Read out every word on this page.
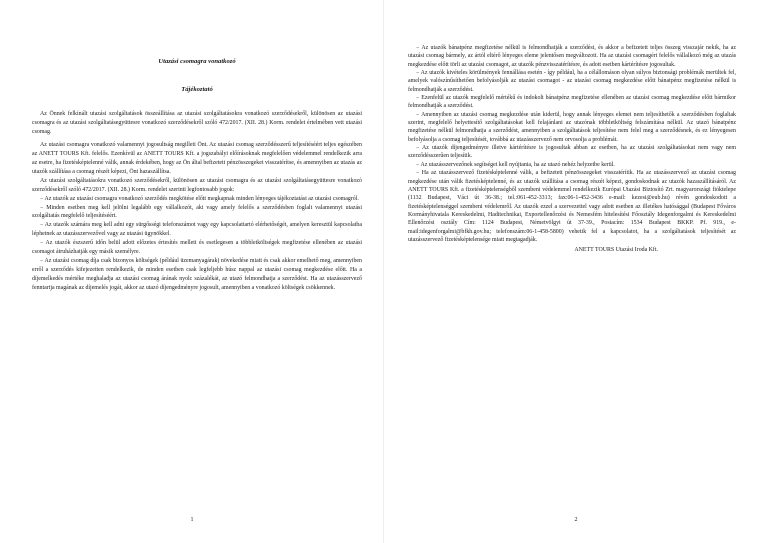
Utazási csomagra vonatkozó
Tájékoztató

Az Önnek felkínált utazási szolgáltatások összeállítása az utazási szolgáltatásokra vonatkozó szerződésekről, különösen az utazási csomagra és az utazási szolgáltatásegyüttesre vonatkozó szerződésekről szóló 472/2017. (XII. 28.) Korm. rendelet értelmében vett utazási csomag.

Az utazási csomagra vonatkozó valamennyi jogosultság megilleti Önt. Az utazási csomag szerződésszerű teljesítéséért teljes egészében az ANETT TOURS Kft. felelős. Ezenkívül az ANETT TOURS Kft. a jogszabályi előírásoknak megfelelően védelemmel rendelkezik arra az esetre, ha fizetésképtelenné válik, annak érdekében, hogy az Ön által befizetett pénzösszegeket visszatérítse, és amennyiben az utazás az utazók szállítása a csomag részét képezi, Önt hazaszállítsa.

Az utazási szolgáltatásokra vonatkozó szerződésekről, különösen az utazási csomagra és az utazási szolgáltatásegyüttesre vonatkozó szerződésekről szóló 472/2017. (XII. 28.) Korm. rendelet szerinti legfontosabb jogok:

− Az utazók az utazási csomagra vonatkozó szerződés megkötése előtt megkapnak minden lényeges tájékoztatást az utazási csomagról.

− Minden esetben meg kell jelölni legalább egy vállalkozót, aki vagy amely felelős a szerződésben foglalt valamennyi utazási szolgáltatás megfelelő teljesítéséért.

− Az utazók számára meg kell adni egy sürgősségi telefonszámot vagy egy kapcsolattartó elérhetőségét, amelyen keresztül kapcsolatba léphetnek az utazásszervezővel vagy az utazási ügynökkel.

− Az utazók észszerű időn belül adott előzetes értesítés mellett és esetlegesen a többletköltségek megfizetése ellenében az utazási csomagot átruházhatják egy másik személyre.

− Az utazási csomag díja csak bizonyos költségek (például üzemanyagárak) növekedése miatt és csak akkor emelhető meg, amennyiben erről a szerződés kifejezetten rendelkezik, de minden esetben csak legfeljebb húsz nappal az utazási csomag megkezdése előtt. Ha a díjemelkedés mértéke meghaladja az utazási csomag árának nyolc százalékát, az utazó felmondhatja a szerződést. Ha az utazásszervező fenntartja magának az díjemelés jogát, akkor az utazó díjengedményre jogosult, amennyiben a vonatkozó költségek csökkennek.

1

− Az utazók bánatpénz megfizetése nélkül is felmondhatják a szerződést, és akkor a befizetett teljes összeg visszajár nekik, ha az utazási csomag bármely, az ártól eltérő lényeges eleme jelentősen megváltozott. Ha az utazási csomagért felelős vállalkozó még az utazás megkezdése előtt törli az utazási csomagot, az utazók pénzvisszatérítésre, és adott esetben kártérítésre jogosultak.

− Az utazók kivételes körülmények fennállása esetén - így például, ha a célállomáson olyan súlyos biztonsági problémák merültek fel, amelyek valószínűsíthetően befolyásolják az utazási csomagot - az utazási csomag megkezdése előtt bánatpénz megfizetése nélkül is felmondhatják a szerződést.

− Ezenfelül az utazók megfelelő mértékű és indokolt bánatpénz megfizetése ellenében az utazási csomag megkezdése előtt bármikor felmondhatják a szerződést.

− Amennyiben az utazási csomag megkezdése után kiderül, hogy annak lényeges elemei nem teljesíthetők a szerződésben foglaltak szerint, megfelelő helyettesítő szolgáltatásokat kell felajánlani az utazónak többletköltség felszámítása nélkül. Az utazó bánatpénz megfizetése nélkül felmondhatja a szerződést, amennyiben a szolgáltatások teljesítése nem felel meg a szerződésnek, és ez lényegesen befolyásolja a csomag teljesítését, továbbá az utazásszervező nem orvosolja a problémát.

− Az utazók díjengedményre illetve kártérítésre is jogosultak abban az esetben, ha az utazási szolgáltatásokat nem vagy nem szerződésszerűen teljesítik.

− Az utazásszervezőnek segítséget kell nyújtania, ha az utazó nehéz helyzetbe kerül.

− Ha az utazásszervező fizetésképtelenné válik, a befizetett pénzösszegeket visszatérítik. Ha az utazásszervező az utazási csomag megkezdése után válik fizetésképtelenné, és az utazók szállítása a csomag részét képezi, gondoskodnak az utazók hazaszállításáról. Az ANETT TOURS Kft. a fizetésképtelenségből szembeni védelemmel rendelkezik Európai Utazási Biztosító Zrt. magyarországi fióktelepe (1132 Budapest, Váci út 36-38.; tel.:061-452-3313; fax:06-1-452-3436 e-mail: kezesi@eub.hu) révén gondoskodott a fizetésképtelenséggel szembeni védelemről. Az utazók ezzel a szervezettel vagy adott esetben az illetékes hatósággal (Budapest Főváros Kormányhivatala Kereskedelmi, Haditechnikai, Exportellenőrzési és Nemesfém hitelesítési Főosztály Idegenforgalmi és Kereskedelmi Ellenőrzési osztály Cím: 1124 Budapest, Németvölgyi út 37-39., Postacím: 1534 Budapest BKKP. Pf. 919., e-mail:idegenforgalmi@bfkh.gov.hu; telefonszám:06-1-458-5800) vehetik fel a kapcsolatot, ha a szolgáltatások teljesítését az utazásszervező fizetésképtelensége miatt megtagadják.

ANETT TOURS Utazási Iroda Kft.

2
